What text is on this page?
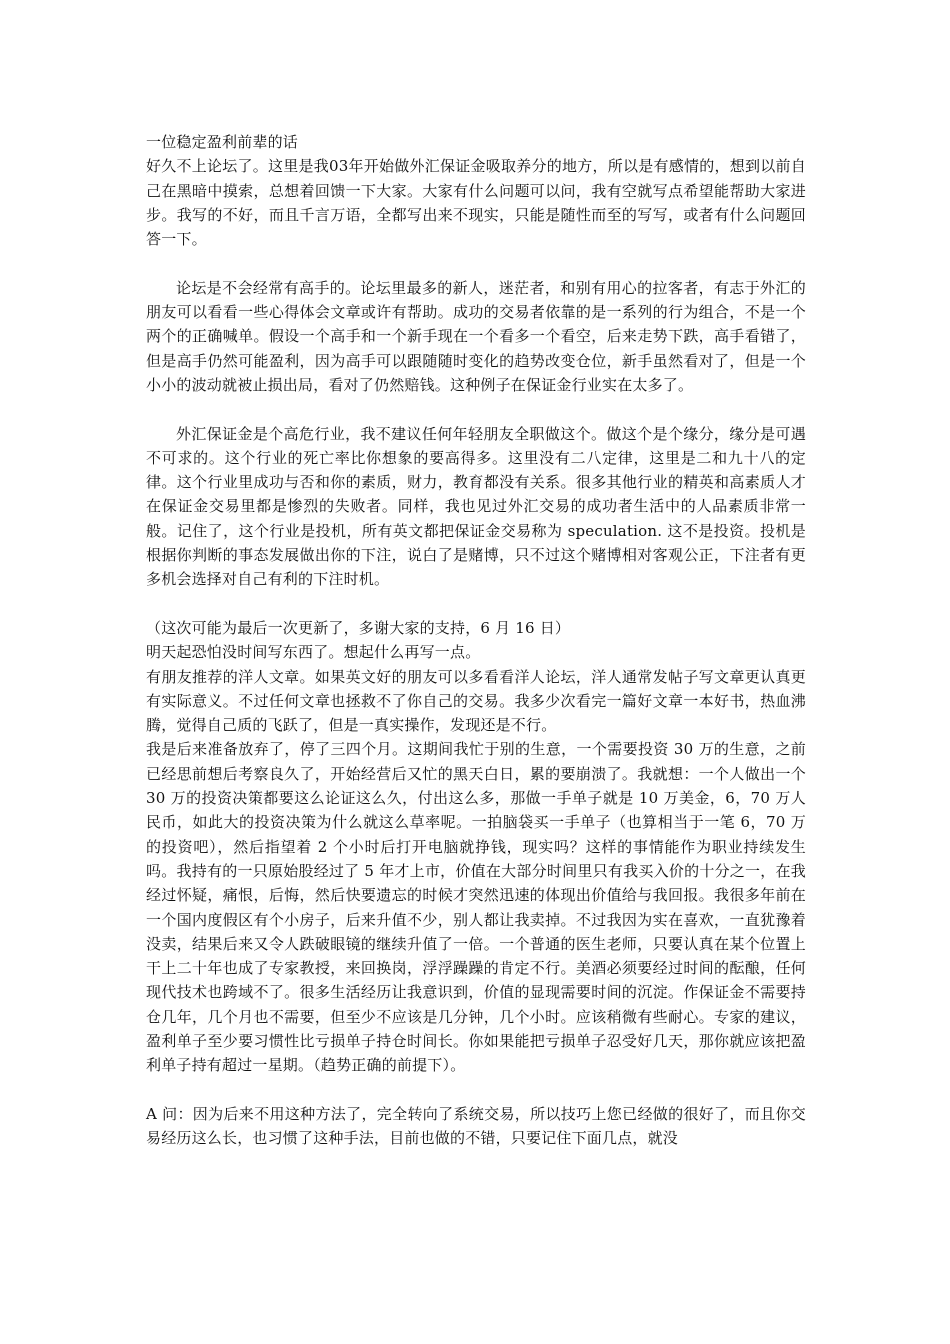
一位稳定盈利前辈的话

好久不上论坛了。这里是我03年开始做外汇保证金吸取养分的地方，所以是有感情的，想到以前自己在黑暗中摸索，总想着回馈一下大家。大家有什么问题可以问，我有空就写点希望能帮助大家进步。我写的不好，而且千言万语，全都写出来不现实，只能是随性而至的写写，或者有什么问题回答一下。

论坛是不会经常有高手的。论坛里最多的新人，迷茫者，和别有用心的拉客者，有志于外汇的朋友可以看看一些心得体会文章或许有帮助。成功的交易者依靠的是一系列的行为组合，不是一个两个的正确喊单。假设一个高手和一个新手现在一个看多一个看空，后来走势下跌，高手看错了，但是高手仍然可能盈利，因为高手可以跟随随时变化的趋势改变仓位，新手虽然看对了，但是一个小小的波动就被止损出局，看对了仍然赔钱。这种例子在保证金行业实在太多了。

外汇保证金是个高危行业，我不建议任何年轻朋友全职做这个。做这个是个缘分，缘分是可遇不可求的。这个行业的死亡率比你想象的要高得多。这里没有二八定律，这里是二和九十八的定律。这个行业里成功与否和你的素质，财力，教育都没有关系。很多其他行业的精英和高素质人才在保证金交易里都是惨烈的失败者。同样，我也见过外汇交易的成功者生活中的人品素质非常一般。记住了，这个行业是投机，所有英文都把保证金交易称为 speculation. 这不是投资。投机是根据你判断的事态发展做出你的下注，说白了是赌博，只不过这个赌博相对客观公正，下注者有更多机会选择对自己有利的下注时机。

（这次可能为最后一次更新了，多谢大家的支持，6 月 16 日）

明天起恐怕没时间写东西了。想起什么再写一点。

有朋友推荐的洋人文章。如果英文好的朋友可以多看看洋人论坛，洋人通常发帖子写文章更认真更有实际意义。不过任何文章也拯救不了你自己的交易。我多少次看完一篇好文章一本好书，热血沸腾，觉得自己质的飞跃了，但是一真实操作，发现还是不行。

我是后来准备放弃了，停了三四个月。这期间我忙于别的生意，一个需要投资 30 万的生意，之前已经思前想后考察良久了，开始经营后又忙的黑天白日，累的要崩溃了。我就想：一个人做出一个 30 万的投资决策都要这么论证这么久，付出这么多，那做一手单子就是 10 万美金，6，70 万人民币，如此大的投资决策为什么就这么草率呢。一拍脑袋买一手单子（也算相当于一笔 6，70 万的投资吧），然后指望着 2 个小时后打开电脑就挣钱，现实吗？这样的事情能作为职业持续发生吗。我持有的一只原始股经过了 5 年才上市，价值在大部分时间里只有我买入价的十分之一，在我经过怀疑，痛恨，后悔，然后快要遗忘的时候才突然迅速的体现出价值给与我回报。我很多年前在一个国内度假区有个小房子，后来升值不少，别人都让我卖掉。不过我因为实在喜欢，一直犹豫着没卖，结果后来又令人跌破眼镜的继续升值了一倍。一个普通的医生老师，只要认真在某个位置上干上二十年也成了专家教授，来回换岗，浮浮躁躁的肯定不行。美酒必须要经过时间的酝酿，任何现代技术也跨域不了。很多生活经历让我意识到，价值的显现需要时间的沉淀。作保证金不需要持仓几年，几个月也不需要，但至少不应该是几分钟，几个小时。应该稍微有些耐心。专家的建议，盈利单子至少要习惯性比亏损单子持仓时间长。你如果能把亏损单子忍受好几天，那你就应该把盈利单子持有超过一星期。（趋势正确的前提下）。

A 问：因为后来不用这种方法了，完全转向了系统交易，所以技巧上您已经做的很好了，而且你交易经历这么长，也习惯了这种手法，目前也做的不错，只要记住下面几点，就没
